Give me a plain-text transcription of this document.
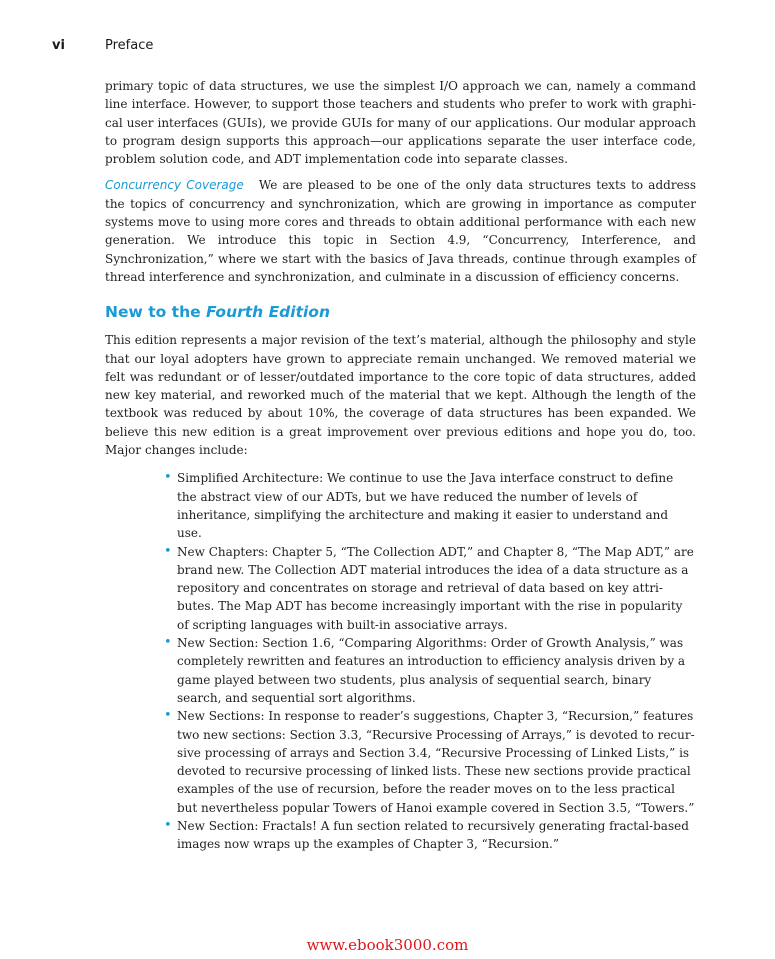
vi	Preface

primary topic of data structures, we use the simplest I/O approach we can, namely a command line interface. However, to support those teachers and students who prefer to work with graphi-cal user interfaces (GUIs), we provide GUIs for many of our applications. Our modular approach to program design supports this approach—our applications separate the user interface code, problem solution code, and ADT implementation code into separate classes.

Concurrency Coverage We are pleased to be one of the only data structures texts to address the topics of concurrency and synchronization, which are growing in importance as computer systems move to using more cores and threads to obtain additional performance with each new generation. We introduce this topic in Section 4.9, “Concurrency, Interference, and Synchronization,” where we start with the basics of Java threads, continue through examples of thread interference and synchronization, and culminate in a discussion of efficiency concerns.

New to the Fourth Edition

This edition represents a major revision of the text’s material, although the philosophy and style that our loyal adopters have grown to appreciate remain unchanged. We removed material we felt was redundant or of lesser/outdated importance to the core topic of data structures, added new key material, and reworked much of the material that we kept. Although the length of the textbook was reduced by about 10%, the coverage of data structures has been expanded. We believe this new edition is a great improvement over previous editions and hope you do, too. Major changes include:

• Simplified Architecture: We continue to use the Java interface construct to define the abstract view of our ADTs, but we have reduced the number of levels of inheritance, simplifying the architecture and making it easier to understand and use.
• New Chapters: Chapter 5, “The Collection ADT,” and Chapter 8, “The Map ADT,” are brand new. The Collection ADT material introduces the idea of a data structure as a repository and concentrates on storage and retrieval of data based on key attri-butes. The Map ADT has become increasingly important with the rise in popularity of scripting languages with built-in associative arrays.
• New Section: Section 1.6, “Comparing Algorithms: Order of Growth Analysis,” was completely rewritten and features an introduction to efficiency analysis driven by a game played between two students, plus analysis of sequential search, binary search, and sequential sort algorithms.
• New Sections: In response to reader’s suggestions, Chapter 3, “Recursion,” features two new sections: Section 3.3, “Recursive Processing of Arrays,” is devoted to recur-sive processing of arrays and Section 3.4, “Recursive Processing of Linked Lists,” is devoted to recursive processing of linked lists. These new sections provide practical examples of the use of recursion, before the reader moves on to the less practical but nevertheless popular Towers of Hanoi example covered in Section 3.5, “Towers.”
• New Section: Fractals! A fun section related to recursively generating fractal-based images now wraps up the examples of Chapter 3, “Recursion.”
www.ebook3000.com
